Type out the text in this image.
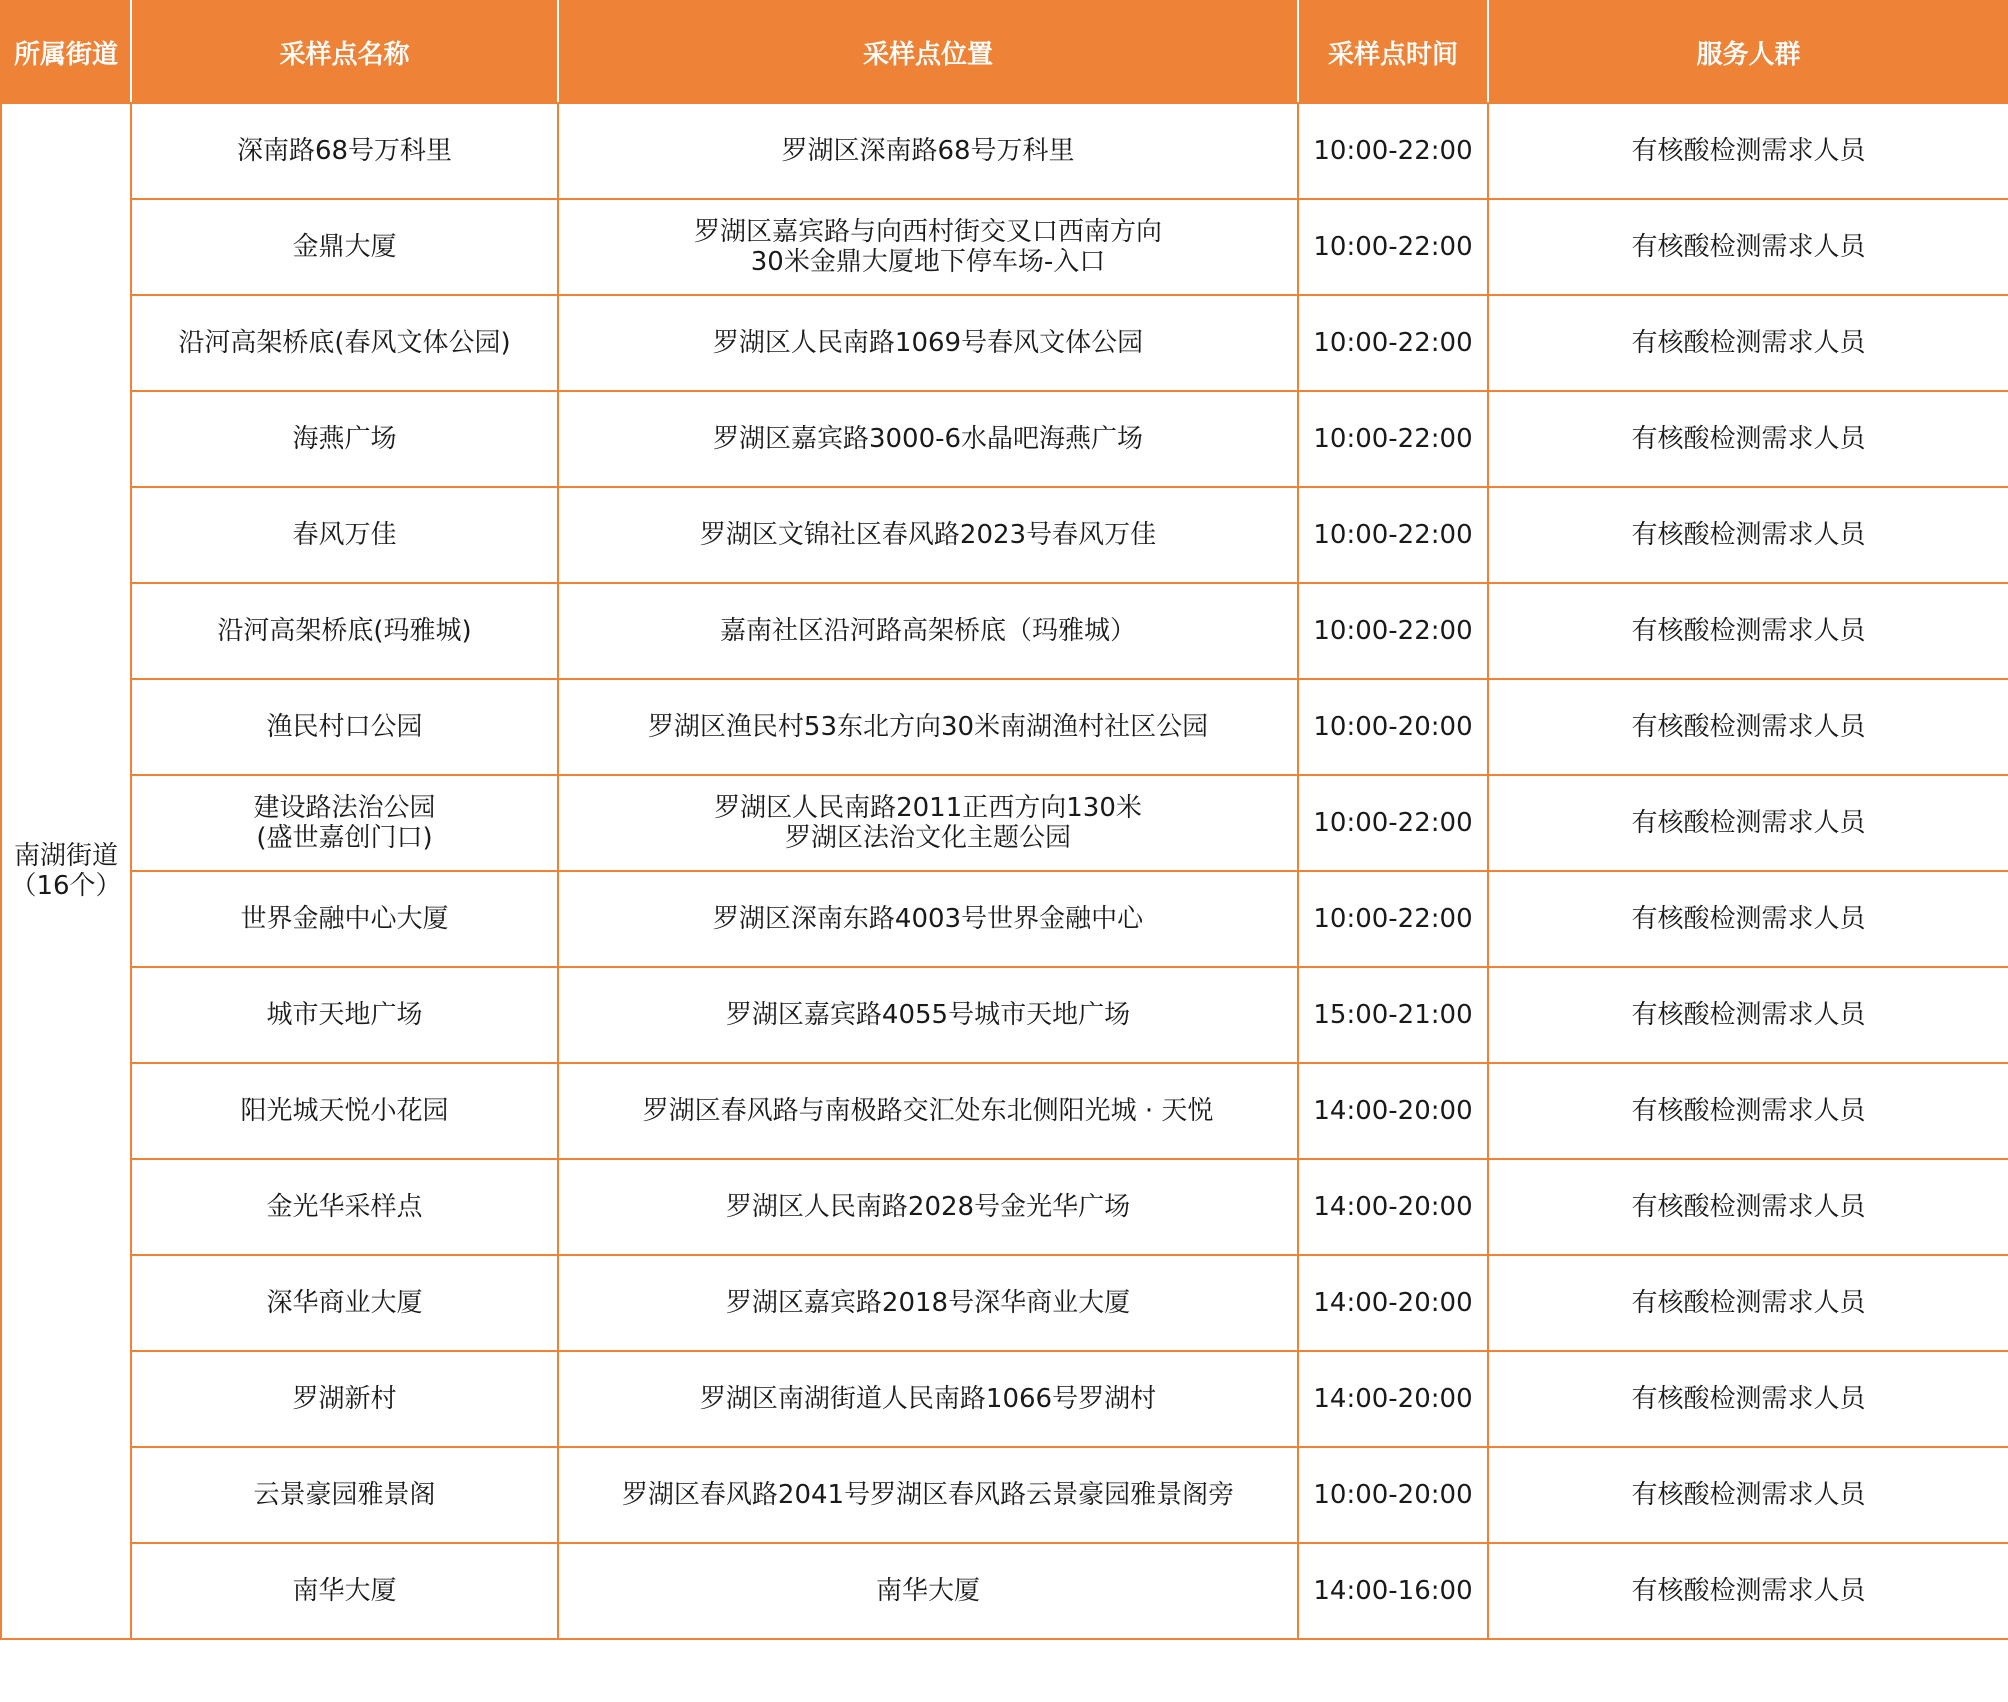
所属街道	采样点名称	采样点位置	采样点时间	服务人群
南湖街道
（16个）	深南路68号万科里	罗湖区深南路68号万科里	10:00-22:00	有核酸检测需求人员
	金鼎大厦	罗湖区嘉宾路与向西村街交叉口西南方向
30米金鼎大厦地下停车场-入口	10:00-22:00	有核酸检测需求人员
	沿河高架桥底(春风文体公园)	罗湖区人民南路1069号春风文体公园	10:00-22:00	有核酸检测需求人员
	海燕广场	罗湖区嘉宾路3000-6水晶吧海燕广场	10:00-22:00	有核酸检测需求人员
	春风万佳	罗湖区文锦社区春风路2023号春风万佳	10:00-22:00	有核酸检测需求人员
	沿河高架桥底(玛雅城)	嘉南社区沿河路高架桥底（玛雅城）	10:00-22:00	有核酸检测需求人员
	渔民村口公园	罗湖区渔民村53东北方向30米南湖渔村社区公园	10:00-20:00	有核酸检测需求人员
	建设路法治公园
(盛世嘉创门口)	罗湖区人民南路2011正西方向130米
罗湖区法治文化主题公园	10:00-22:00	有核酸检测需求人员
	世界金融中心大厦	罗湖区深南东路4003号世界金融中心	10:00-22:00	有核酸检测需求人员
	城市天地广场	罗湖区嘉宾路4055号城市天地广场	15:00-21:00	有核酸检测需求人员
	阳光城天悦小花园	罗湖区春风路与南极路交汇处东北侧阳光城 · 天悦	14:00-20:00	有核酸检测需求人员
	金光华采样点	罗湖区人民南路2028号金光华广场	14:00-20:00	有核酸检测需求人员
	深华商业大厦	罗湖区嘉宾路2018号深华商业大厦	14:00-20:00	有核酸检测需求人员
	罗湖新村	罗湖区南湖街道人民南路1066号罗湖村	14:00-20:00	有核酸检测需求人员
	云景豪园雅景阁	罗湖区春风路2041号罗湖区春风路云景豪园雅景阁旁	10:00-20:00	有核酸检测需求人员
	南华大厦	南华大厦	14:00-16:00	有核酸检测需求人员
